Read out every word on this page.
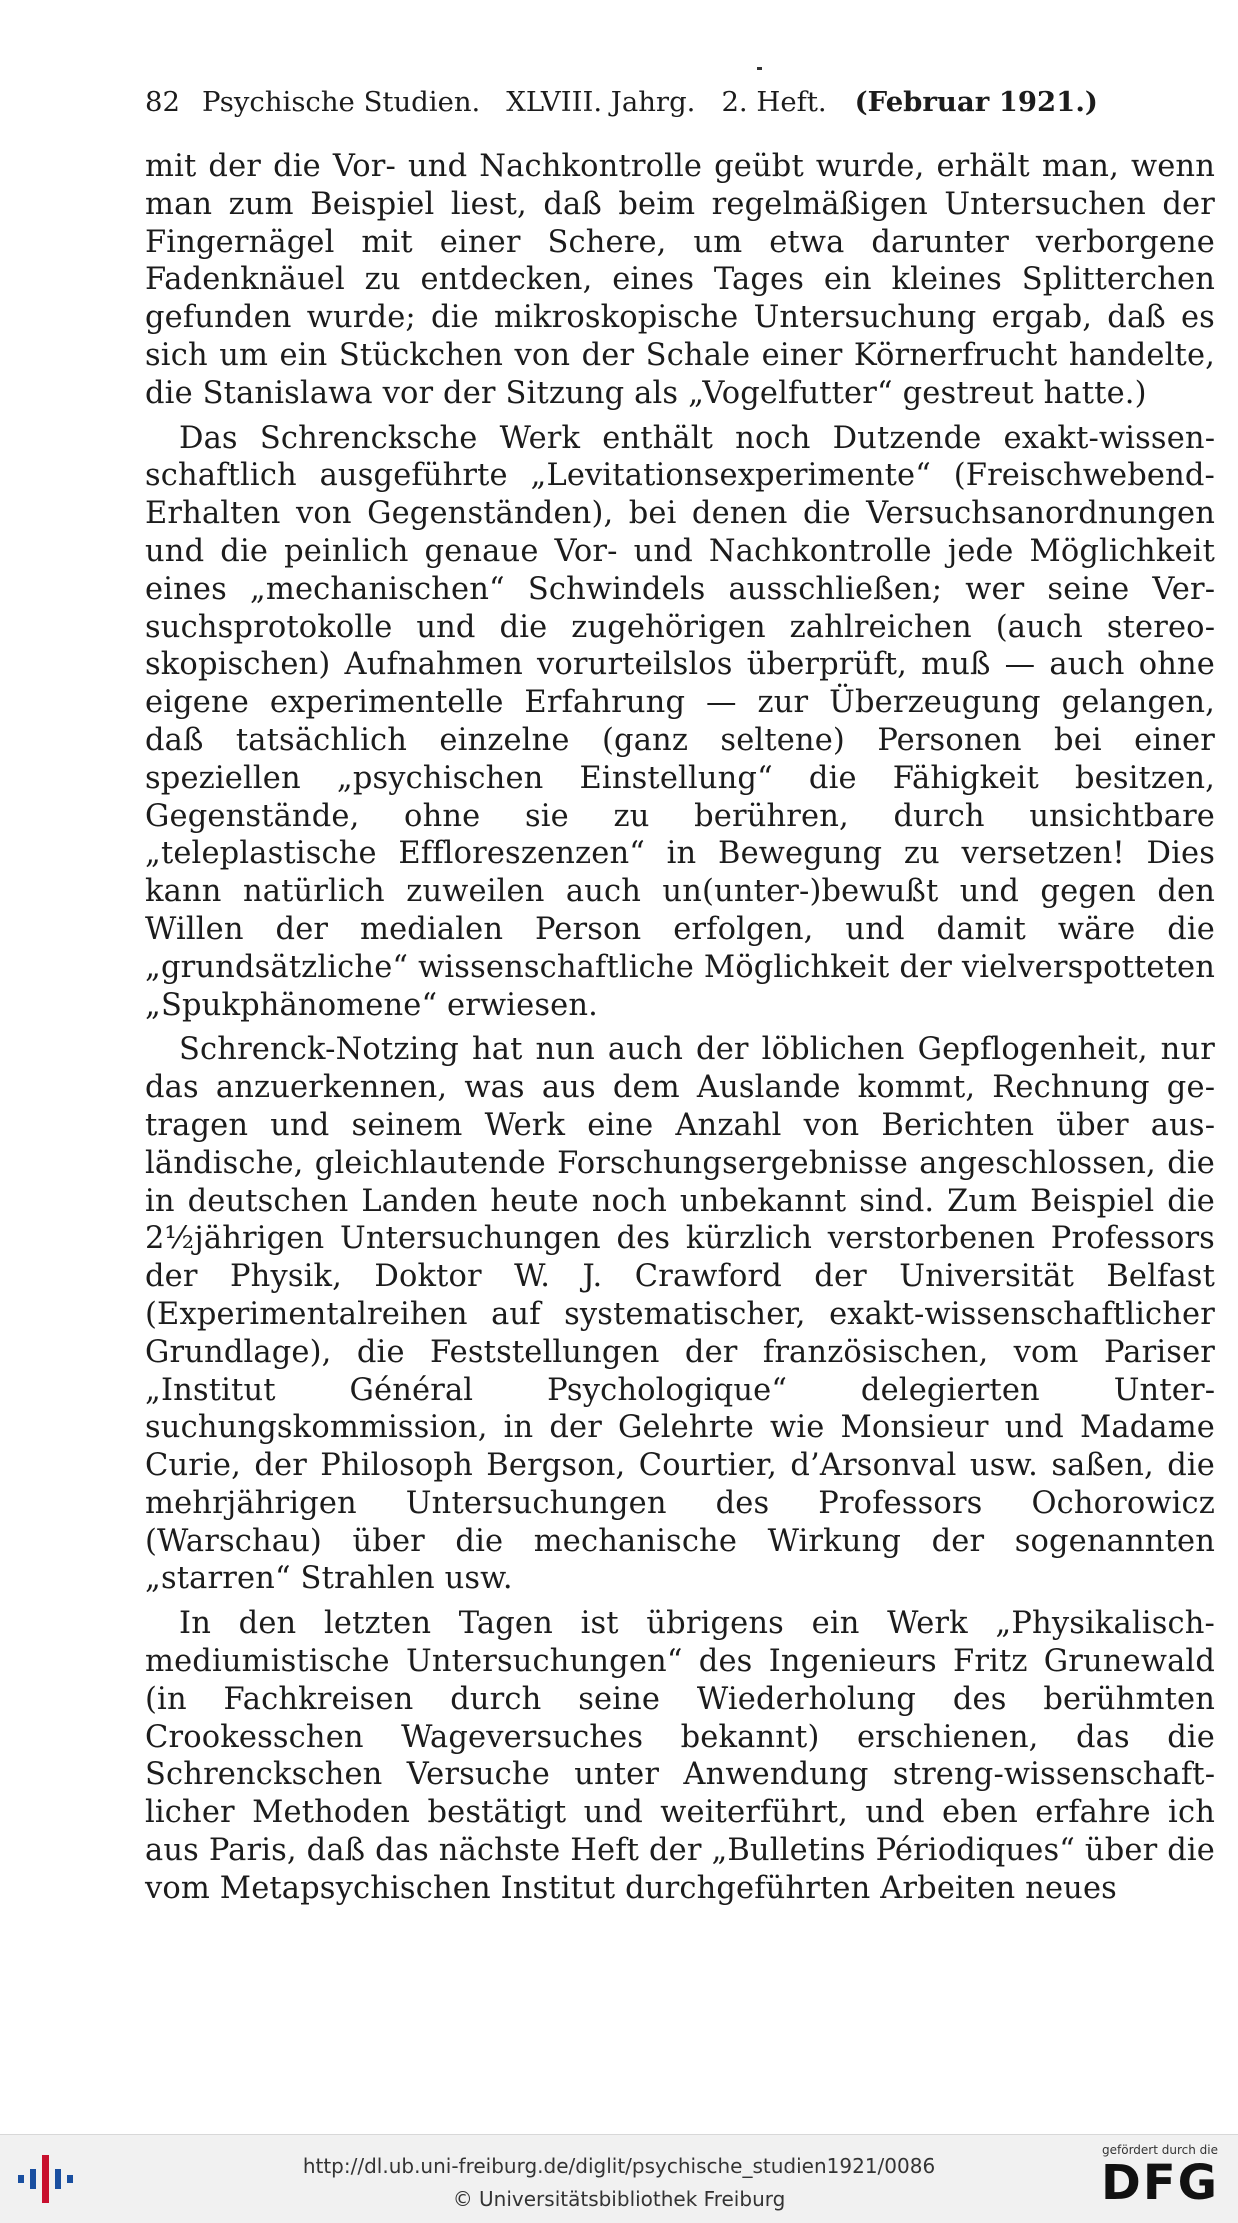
82 Psychische Studien. XLVIII. Jahrg. 2. Heft. (Februar 1921.)

mit der die Vor- und Nachkontrolle geübt wurde, erhält man, wenn man zum Beispiel liest, daß beim regelmäßigen Untersuchen der Fingernägel mit einer Schere, um etwa darunter verborgene Fadenknäuel zu entdecken, eines Tages ein kleines Splitterchen gefunden wurde; die mikroskopische Untersuchung ergab, daß es sich um ein Stückchen von der Schale einer Körnerfrucht handelte, die Stanislawa vor der Sitzung als „Vogelfutter“ gestreut hatte.)

Das Schrencksche Werk enthält noch Dutzende exakt-wissenschaftlich ausgeführte „Levitationsexperimente“ (Freischwebend-Erhalten von Gegenständen), bei denen die Versuchsanordnungen und die peinlich genaue Vor- und Nachkontrolle jede Möglichkeit eines „mechanischen“ Schwindels ausschließen; wer seine Versuchsprotokolle und die zugehörigen zahlreichen (auch stereoskopischen) Aufnahmen vorurteilslos überprüft, muß — auch ohne eigene experimentelle Erfahrung — zur Überzeugung gelangen, daß tatsächlich einzelne (ganz seltene) Personen bei einer speziellen „psychischen Einstellung“ die Fähigkeit besitzen, Gegenstände, ohne sie zu berühren, durch unsichtbare „teleplastische Effloreszenzen“ in Bewegung zu versetzen! Dies kann natürlich zuweilen auch un(unter-)bewußt und gegen den Willen der medialen Person erfolgen, und damit wäre die „grundsätzliche“ wissenschaftliche Möglichkeit der vielverspotteten „Spukphänomene“ erwiesen.

Schrenck-Notzing hat nun auch der löblichen Gepflogenheit, nur das anzuerkennen, was aus dem Auslande kommt, Rechnung getragen und seinem Werk eine Anzahl von Berichten über ausländische, gleichlautende Forschungsergebnisse angeschlossen, die in deutschen Landen heute noch unbekannt sind. Zum Beispiel die 2½jährigen Untersuchungen des kürzlich verstorbenen Professors der Physik, Doktor W. J. Crawford der Universität Belfast (Experimentalreihen auf systematischer, exakt-wissenschaftlicher Grundlage), die Feststellungen der französischen, vom Pariser „Institut Général Psychologique“ delegierten Untersuchungskommission, in der Gelehrte wie Monsieur und Madame Curie, der Philosoph Bergson, Courtier, d’Arsonval usw. saßen, die mehrjährigen Untersuchungen des Professors Ochorowicz (Warschau) über die mechanische Wirkung der sogenannten „starren“ Strahlen usw.

In den letzten Tagen ist übrigens ein Werk „Physikalisch-mediumistische Untersuchungen“ des Ingenieurs Fritz Grunewald (in Fachkreisen durch seine Wiederholung des berühmten Crookesschen Wageversuches bekannt) erschienen, das die Schrenckschen Versuche unter Anwendung streng-wissenschaftlicher Methoden bestätigt und weiterführt, und eben erfahre ich aus Paris, daß das nächste Heft der „Bulletins Périodiques“ über die vom Metapsychischen Institut durchgeführten Arbeiten neues

http://dl.ub.uni-freiburg.de/diglit/psychische_studien1921/0086
© Universitätsbibliothek Freiburg
gefördert durch die
DFG
